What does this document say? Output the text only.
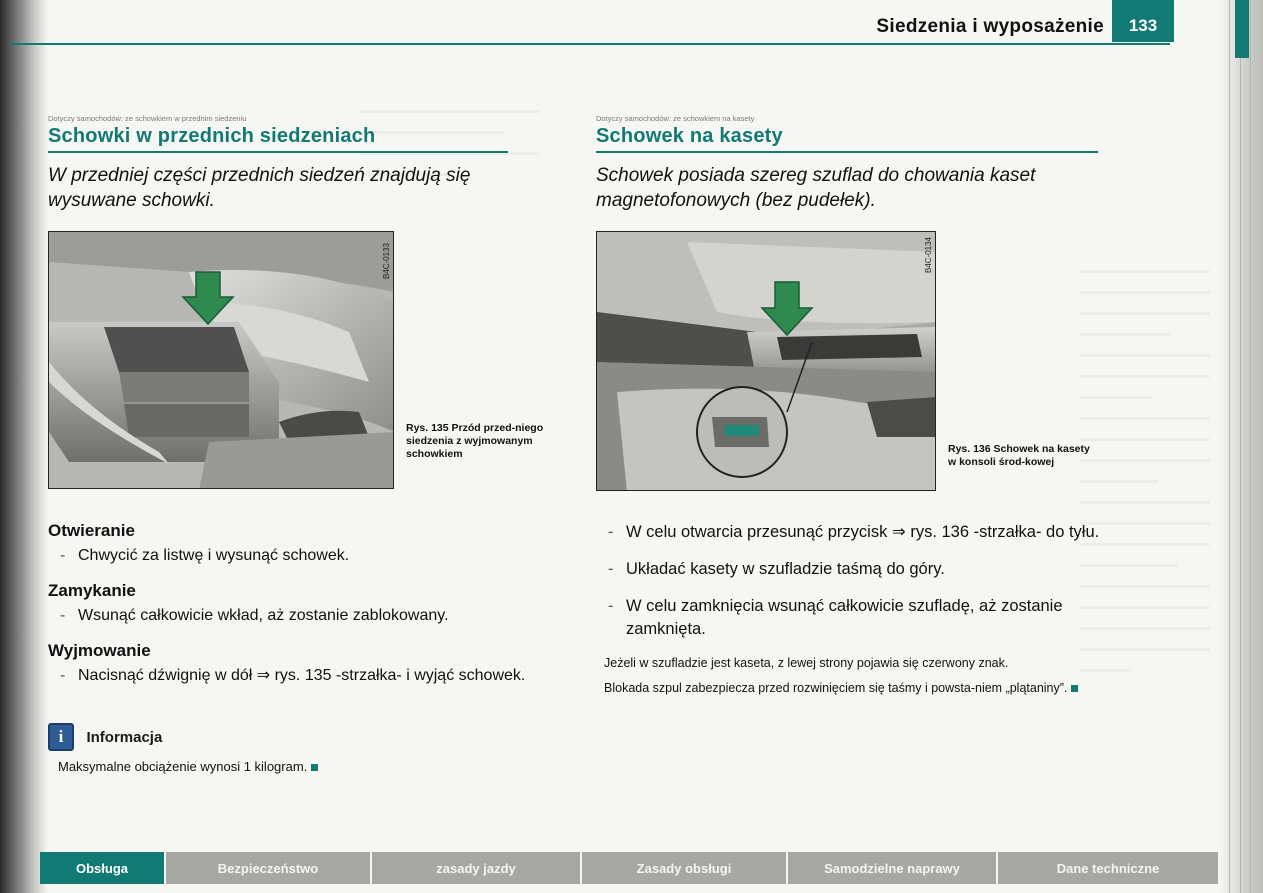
Siedzenia i wyposażenie	133
Dotyczy samochodów: ze schowkiem w przednim siedzeniu
Schowki w przednich siedzeniach
W przedniej części przednich siedzeń znajdują się wysuwane schowki.
B4C-0133
Rys. 135 Przód przed-niego siedzenia z wyjmowanym schowkiem
Otwieranie
- Chwycić za listwę i wysunąć schowek.
Zamykanie
- Wsunąć całkowicie wkład, aż zostanie zablokowany.
Wyjmowanie
- Nacisnąć dźwignię w dół ⇒ rys. 135 -strzałka- i wyjąć schowek.
i Informacja
Maksymalne obciążenie wynosi 1 kilogram.
Dotyczy samochodów: ze schowkiem na kasety
Schowek na kasety
Schowek posiada szereg szuflad do chowania kaset magnetofonowych (bez pudełek).
B4C-0134
Rys. 136 Schowek na kasety w konsoli środ-kowej
- W celu otwarcia przesunąć przycisk ⇒ rys. 136 -strzałka- do tyłu.
- Układać kasety w szufladzie taśmą do góry.
- W celu zamknięcia wsunąć całkowicie szufladę, aż zostanie zamknięta.
Jeżeli w szufladzie jest kaseta, z lewej strony pojawia się czerwony znak.
Blokada szpul zabezpiecza przed rozwinięciem się taśmy i powsta-niem „plątaniny”.
Obsługa	Bezpieczeństwo	zasady jazdy	Zasady obsługi	Samodzielne naprawy	Dane techniczne
